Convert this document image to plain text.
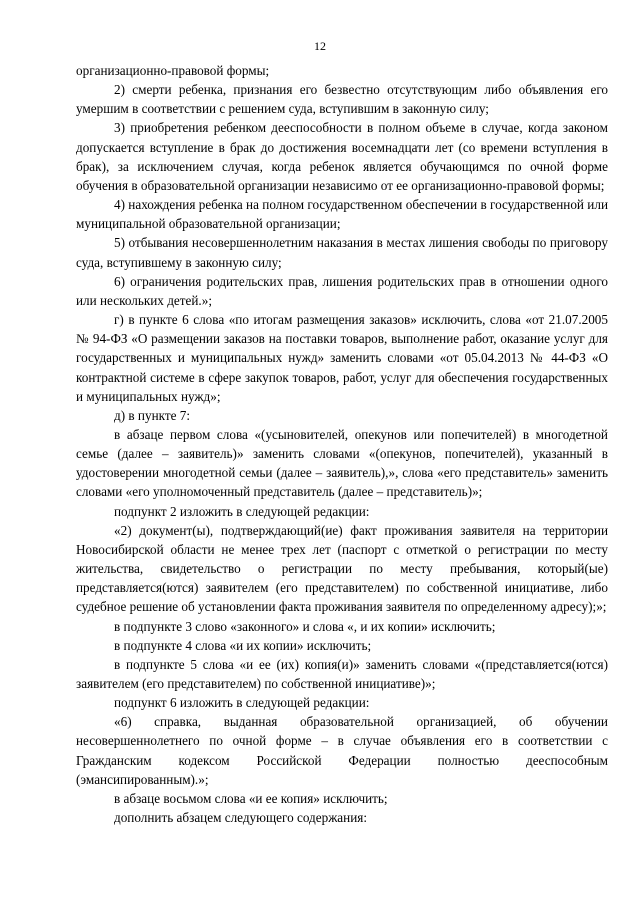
12

организационно-правовой формы;

2) смерти ребенка, признания его безвестно отсутствующим либо объявления его умершим в соответствии с решением суда, вступившим в законную силу;

3) приобретения ребенком дееспособности в полном объеме в случае, когда законом допускается вступление в брак до достижения восемнадцати лет (со времени вступления в брак), за исключением случая, когда ребенок является обучающимся по очной форме обучения в образовательной организации независимо от ее организационно-правовой формы;

4) нахождения ребенка на полном государственном обеспечении в государственной или муниципальной образовательной организации;

5) отбывания несовершеннолетним наказания в местах лишения свободы по приговору суда, вступившему в законную силу;

6) ограничения родительских прав, лишения родительских прав в отношении одного или нескольких детей.»;

г) в пункте 6 слова «по итогам размещения заказов» исключить, слова «от 21.07.2005 № 94-ФЗ «О размещении заказов на поставки товаров, выполнение работ, оказание услуг для государственных и муниципальных нужд» заменить словами «от 05.04.2013 № 44-ФЗ «О контрактной системе в сфере закупок товаров, работ, услуг для обеспечения государственных и муниципальных нужд»;

д) в пункте 7:

в абзаце первом слова «(усыновителей, опекунов или попечителей) в многодетной семье (далее – заявитель)» заменить словами «(опекунов, попечителей), указанный в удостоверении многодетной семьи (далее – заявитель),», слова «его представитель» заменить словами «его уполномоченный представитель (далее – представитель)»;

подпункт 2 изложить в следующей редакции:

«2) документ(ы), подтверждающий(ие) факт проживания заявителя на территории Новосибирской области не менее трех лет (паспорт с отметкой о регистрации по месту жительства, свидетельство о регистрации по месту пребывания, который(ые) представляется(ются) заявителем (его представителем) по собственной инициативе, либо судебное решение об установлении факта проживания заявителя по определенному адресу);»;

в подпункте 3 слово «законного» и слова «, и их копии» исключить;

в подпункте 4 слова «и их копии» исключить;

в подпункте 5 слова «и ее (их) копия(и)» заменить словами «(представляется(ются) заявителем (его представителем) по собственной инициативе)»;

подпункт 6 изложить в следующей редакции:

«6) справка, выданная образовательной организацией, об обучении несовершеннолетнего по очной форме – в случае объявления его в соответствии с Гражданским кодексом Российской Федерации полностью дееспособным (эмансипированным).»;

в абзаце восьмом слова «и ее копия» исключить;

дополнить абзацем следующего содержания:
